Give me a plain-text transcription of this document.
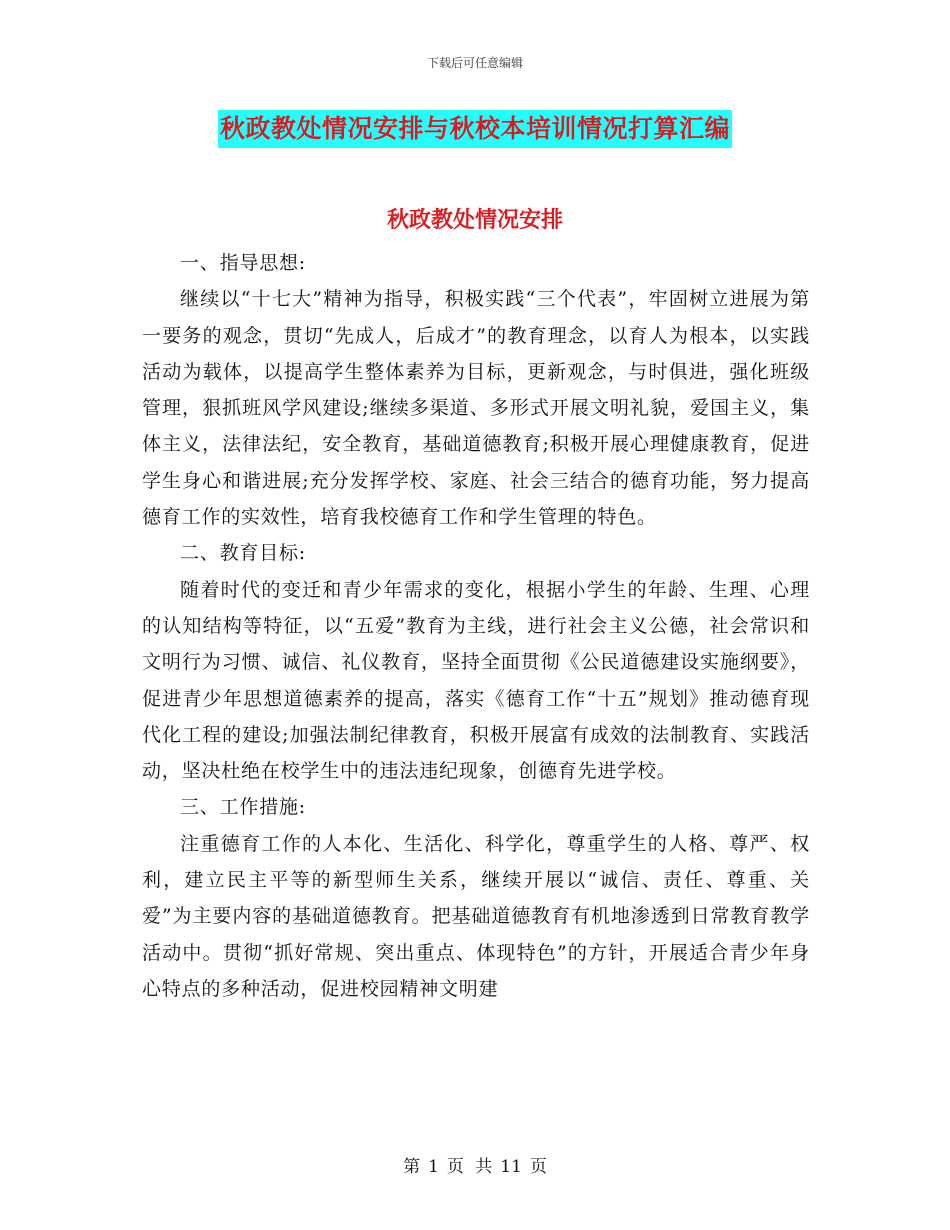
下载后可任意编辑
秋政教处情况安排与秋校本培训情况打算汇编
秋政教处情况安排

一、指导思想:

继续以“十七大”精神为指导，积极实践“三个代表”，牢固树立进展为第一要务的观念，贯切“先成人，后成才”的教育理念，以育人为根本，以实践活动为载体，以提高学生整体素养为目标，更新观念，与时俱进，强化班级管理，狠抓班风学风建设;继续多渠道、多形式开展文明礼貌，爱国主义，集体主义，法律法纪，安全教育，基础道德教育;积极开展心理健康教育，促进学生身心和谐进展;充分发挥学校、家庭、社会三结合的德育功能，努力提高德育工作的实效性，培育我校德育工作和学生管理的特色。

二、教育目标:

随着时代的变迁和青少年需求的变化，根据小学生的年龄、生理、心理的认知结构等特征，以“五爱”教育为主线，进行社会主义公德，社会常识和文明行为习惯、诚信、礼仪教育，坚持全面贯彻《公民道德建设实施纲要》，促进青少年思想道德素养的提高，落实《德育工作“十五”规划》推动德育现代化工程的建设;加强法制纪律教育，积极开展富有成效的法制教育、实践活动，坚决杜绝在校学生中的违法违纪现象，创德育先进学校。

三、工作措施:

注重德育工作的人本化、生活化、科学化，尊重学生的人格、尊严、权利，建立民主平等的新型师生关系，继续开展以“诚信、责任、尊重、关爱”为主要内容的基础道德教育。把基础道德教育有机地渗透到日常教育教学活动中。贯彻“抓好常规、突出重点、体现特色”的方针，开展适合青少年身心特点的多种活动，促进校园精神文明建

第 1 页 共 11 页
